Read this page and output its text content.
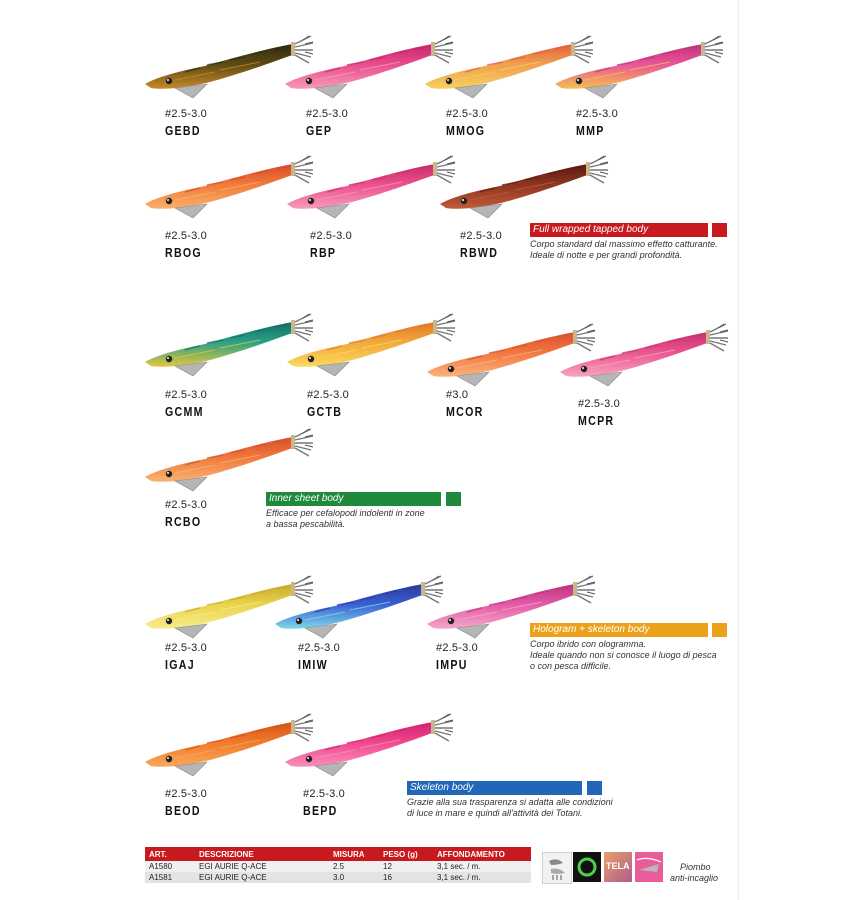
#2.5-3.0
GEBD
#2.5-3.0
GEP
#2.5-3.0
MMOG
#2.5-3.0
MMP
#2.5-3.0
RBOG
#2.5-3.0
RBP
#2.5-3.0
RBWD
#2.5-3.0
GCMM
#2.5-3.0
GCTB
#3.0
MCOR
#2.5-3.0
MCPR
#2.5-3.0
RCBO
#2.5-3.0
IGAJ
#2.5-3.0
IMIW
#2.5-3.0
IMPU
#2.5-3.0
BEOD
#2.5-3.0
BEPD
Full wrapped tapped body
Corpo standard dal massimo effetto catturante.
Ideale di notte e per grandi profondità.
Inner sheet body
Efficace per cefalopodi indolenti in zone
a bassa pescabilità.
Hologram + skeleton body
Corpo ibrido con ologramma.
Ideale quando non si conosce il luogo di pesca
o con pesca difficile.
Skeleton body
Grazie alla sua trasparenza si adatta alle condizioni
di luce in mare e quindi all'attività dei Totani.
ART.	DESCRIZIONE	MISURA	PESO (g)	AFFONDAMENTO
A1580	EGI AURIE Q-ACE	2.5	12	3,1 sec. / m.
A1581	EGI AURIE Q-ACE	3.0	16	3,1 sec. / m.
TELA	Piombo
anti-incaglio
